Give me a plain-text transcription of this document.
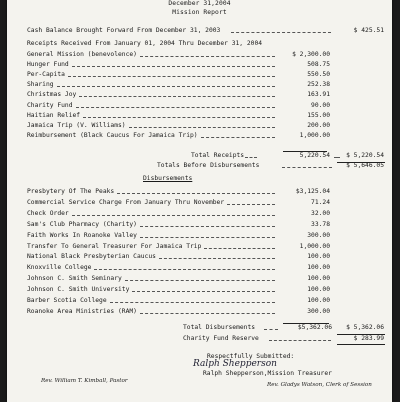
December 31,2004
Mission Report
Cash Balance Brought Forward From December 31, 2003	$ 425.51
Receipts Received From January 01, 2004 Thru December 31, 2004
General Mission (benevolence)	$ 2,300.00
Hunger Fund	508.75
Per-Capita	550.50
Sharing	252.38
Christmas Joy	163.91
Charity Fund	90.00
Haitian Relief	155.00
Jamaica Trip (V. Williams)	200.00
Reimbursement (Black Caucus For Jamaica Trip)	1,000.00
Total Receipts	5,220.54	$ 5,220.54
Totals Before Disbursements	$ 5,646.05
Disbursements
Presbytery Of The Peaks	$3,125.04
Commercial Service Charge From January Thru November	71.24
Check Order	32.00
Sam's Club Pharmacy (Charity)	33.78
Faith Works In Roanoke Valley	300.00
Transfer To General Treasurer For Jamaica Trip	1,000.00
National Black Presbyterian Caucus	100.00
Knoxville College	100.00
Johnson C. Smith Seminary	100.00
Johnson C. Smith University	100.00
Barber Scotia College	100.00
Roanoke Area Ministries (RAM)	300.00
Total Disbursements	$5,362.06 $ 5,362.06
Charity Fund Reserve	$ 283.99
Respectfully Submitted:
Ralph Shepperson
Ralph Shepperson,Mission Treasurer
Rev. William T. Kimball, Pastor
Rev. Gladys Watson, Clerk of Session
